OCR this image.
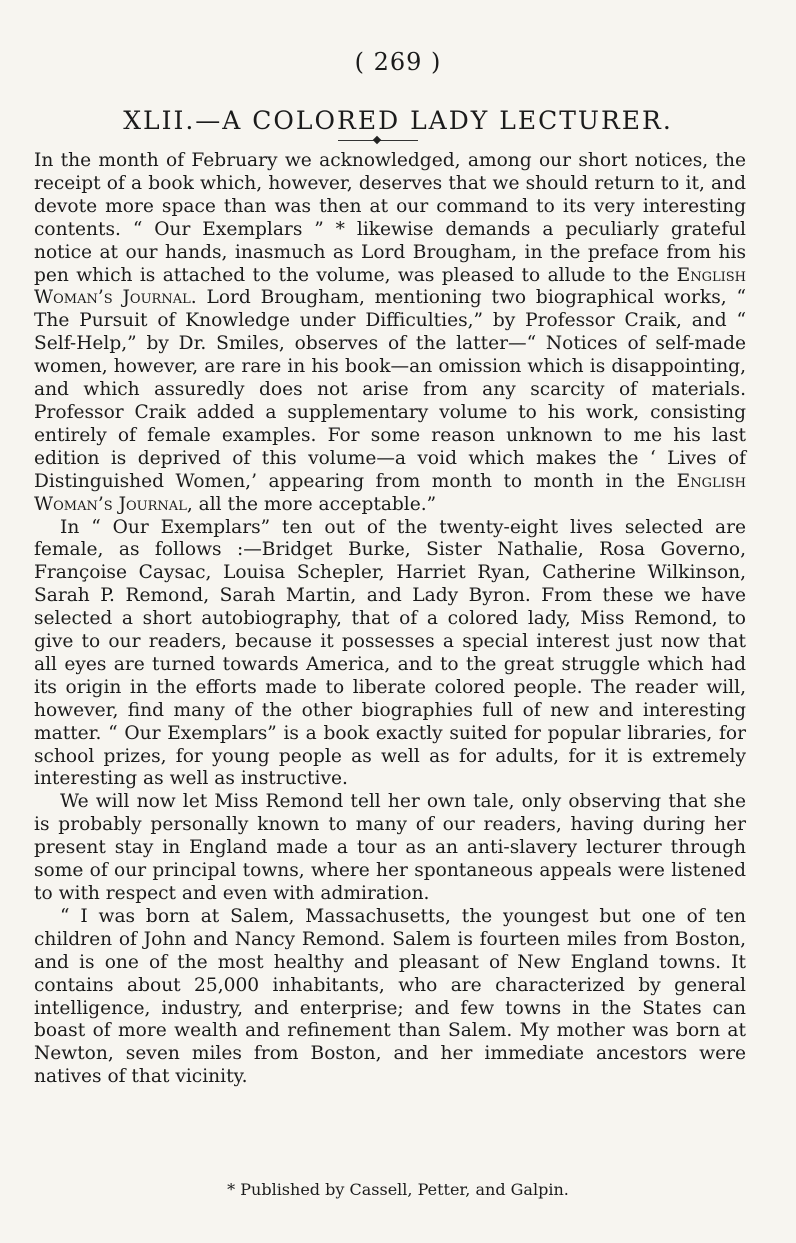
( 269 )
XLII.—A COLORED LADY LECTURER.

In the month of February we acknowledged, among our short notices, the receipt of a book which, however, deserves that we should return to it, and devote more space than was then at our command to its very interesting contents. “ Our Exemplars ” * likewise demands a peculiarly grateful notice at our hands, inasmuch as Lord Brougham, in the preface from his pen which is attached to the volume, was pleased to allude to the English Woman’s Journal. Lord Brougham, mentioning two biographical works, “ The Pursuit of Knowledge under Difficulties,” by Professor Craik, and “ Self-Help,” by Dr. Smiles, observes of the latter—“ Notices of self-made women, however, are rare in his book—an omission which is disappointing, and which assuredly does not arise from any scarcity of materials. Professor Craik added a supplementary volume to his work, consisting entirely of female examples. For some reason unknown to me his last edition is deprived of this volume—a void which makes the ‘ Lives of Distinguished Women,’ appearing from month to month in the English Woman’s Journal, all the more acceptable.”

In “ Our Exemplars” ten out of the twenty-eight lives selected are female, as follows :—Bridget Burke, Sister Nathalie, Rosa Governo, Françoise Caysac, Louisa Schepler, Harriet Ryan, Catherine Wilkinson, Sarah P. Remond, Sarah Martin, and Lady Byron. From these we have selected a short autobiography, that of a colored lady, Miss Remond, to give to our readers, because it possesses a special interest just now that all eyes are turned towards America, and to the great struggle which had its origin in the efforts made to liberate colored people. The reader will, however, find many of the other biographies full of new and interesting matter. “ Our Exemplars” is a book exactly suited for popular libraries, for school prizes, for young people as well as for adults, for it is extremely interesting as well as instructive.

We will now let Miss Remond tell her own tale, only observing that she is probably personally known to many of our readers, having during her present stay in England made a tour as an anti-slavery lecturer through some of our principal towns, where her spontaneous appeals were listened to with respect and even with admiration.

“ I was born at Salem, Massachusetts, the youngest but one of ten children of John and Nancy Remond. Salem is fourteen miles from Boston, and is one of the most healthy and pleasant of New England towns. It contains about 25,000 inhabitants, who are characterized by general intelligence, industry, and enterprise; and few towns in the States can boast of more wealth and refinement than Salem. My mother was born at Newton, seven miles from Boston, and her immediate ancestors were natives of that vicinity.

* Published by Cassell, Petter, and Galpin.
